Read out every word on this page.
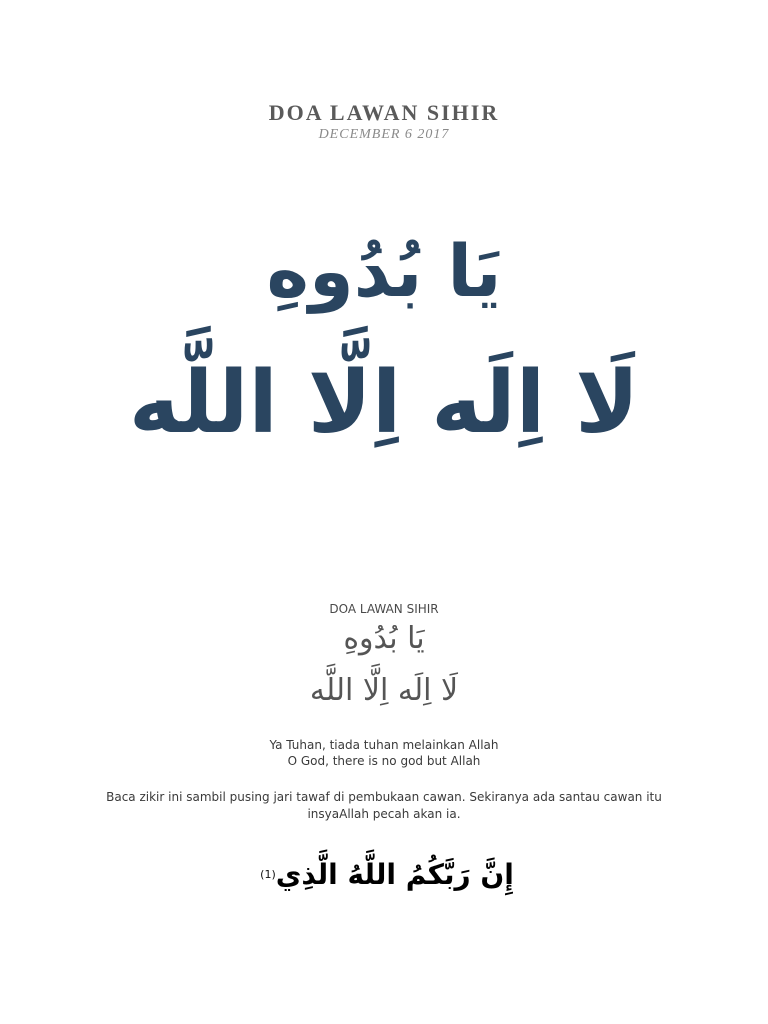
DOA LAWAN SIHIR
DECEMBER 6 2017
يَا بُدُوهِ
لَا اِلَه اِلَّا اللَّه
DOA LAWAN SIHIR
يَا بُدُوهِ
لَا اِلَه اِلَّا اللَّه
Ya Tuhan, tiada tuhan melainkan Allah
O God, there is no god but Allah
Baca zikir ini sambil pusing jari tawaf di pembukaan cawan. Sekiranya ada santau cawan itu insyaAllah pecah akan ia.
إِنَّ رَبَّكُمُ اللَّهُ الَّذِي(1)
